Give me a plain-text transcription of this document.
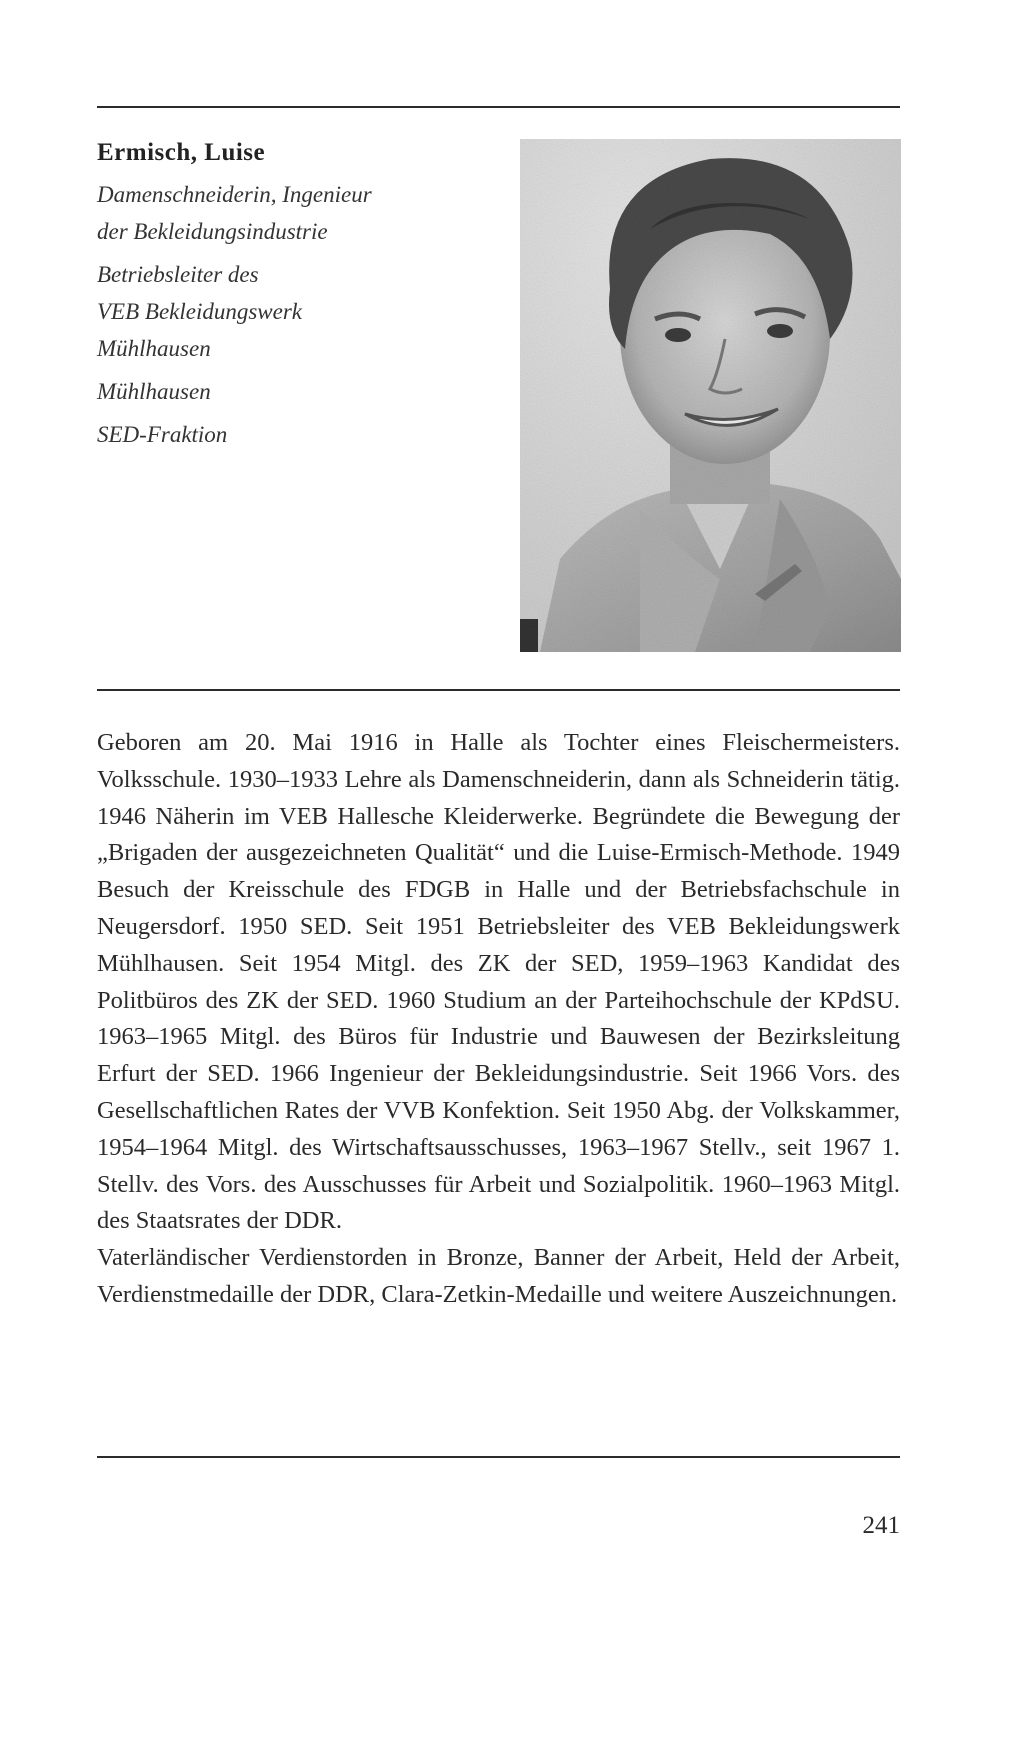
Ermisch, Luise
Damenschneiderin, Ingenieur
der Bekleidungsindustrie
Betriebsleiter des
VEB Bekleidungswerk
Mühlhausen
Mühlhausen
SED-Fraktion

Geboren am 20. Mai 1916 in Halle als Tochter eines Fleischermeisters. Volksschule. 1930–1933 Lehre als Damenschneiderin, dann als Schneiderin tätig. 1946 Näherin im VEB Hallesche Kleiderwerke. Begründete die Bewegung der „Brigaden der ausgezeichneten Qualität“ und die Luise-Ermisch-Methode. 1949 Besuch der Kreisschule des FDGB in Halle und der Betriebsfachschule in Neugersdorf. 1950 SED. Seit 1951 Betriebsleiter des VEB Bekleidungswerk Mühlhausen. Seit 1954 Mitgl. des ZK der SED, 1959–1963 Kandidat des Politbüros des ZK der SED. 1960 Studium an der Parteihochschule der KPdSU. 1963–1965 Mitgl. des Büros für Industrie und Bauwesen der Bezirksleitung Erfurt der SED. 1966 Ingenieur der Bekleidungsindustrie. Seit 1966 Vors. des Gesellschaftlichen Rates der VVB Konfektion. Seit 1950 Abg. der Volkskammer, 1954–1964 Mitgl. des Wirtschaftsausschusses, 1963–1967 Stellv., seit 1967 1. Stellv. des Vors. des Ausschusses für Arbeit und Sozialpolitik. 1960–1963 Mitgl. des Staatsrates der DDR.

Vaterländischer Verdienstorden in Bronze, Banner der Arbeit, Held der Arbeit, Verdienstmedaille der DDR, Clara-Zetkin-Medaille und weitere Auszeichnungen.

241
